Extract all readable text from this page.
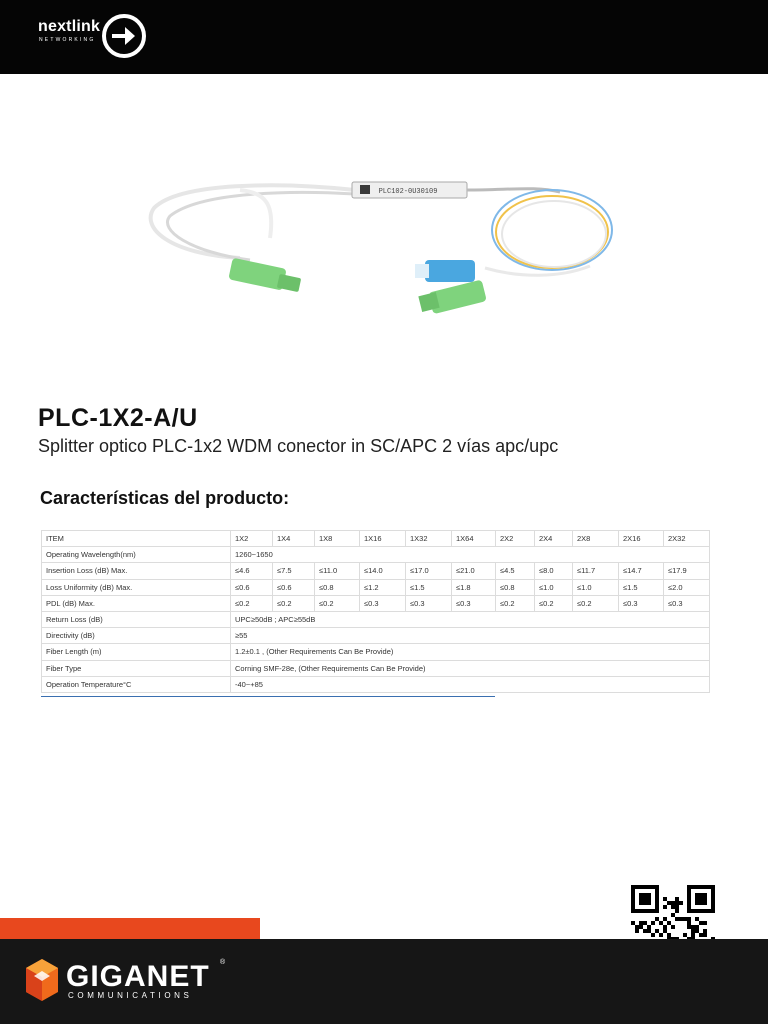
nextlink
NETWORKING
PLC102-0U30109
PLC-1X2-A/U
Splitter optico PLC-1x2 WDM conector in SC/APC 2 vías apc/upc
Características del producto:
ITEM	1X2	1X4	1X8	1X16	1X32	1X64	2X2	2X4	2X8	2X16	2X32
Operating Wavelength(nm)	1260~1650										
Insertion Loss (dB) Max.	≤4.6	≤7.5	≤11.0	≤14.0	≤17.0	≤21.0	≤4.5	≤8.0	≤11.7	≤14.7	≤17.9
Loss Uniformity (dB) Max.	≤0.6	≤0.6	≤0.8	≤1.2	≤1.5	≤1.8	≤0.8	≤1.0	≤1.0	≤1.5	≤2.0
PDL (dB) Max.	≤0.2	≤0.2	≤0.2	≤0.3	≤0.3	≤0.3	≤0.2	≤0.2	≤0.2	≤0.3	≤0.3
Return Loss (dB)	UPC≥50dB ; APC≥55dB										
Directivity (dB)	≥55										
Fiber Length (m)	1.2±0.1 , (Other Requirements Can Be Provide)										
Fiber Type	Corning SMF-28e, (Other Requirements Can Be Provide)										
Operation Temperature°C	-40~+85										
GIGANET ®
COMMUNICATIONS
